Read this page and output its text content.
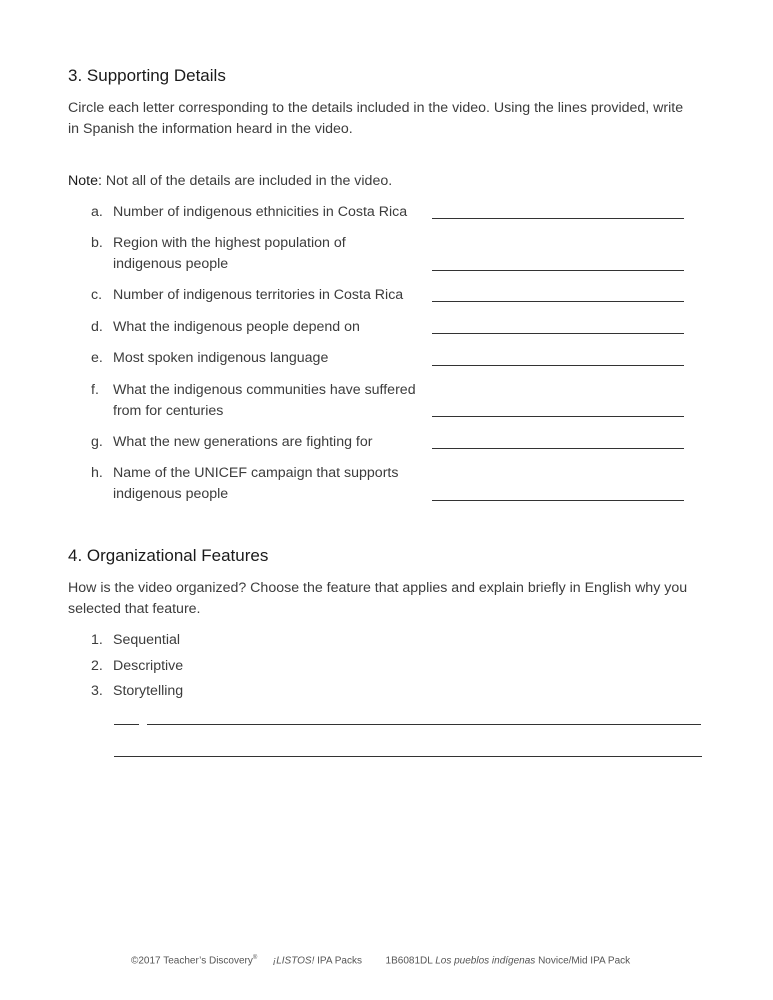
3. Supporting Details
Circle each letter corresponding to the details included in the video. Using the lines provided, write
in Spanish the information heard in the video.
Note: Not all of the details are included in the video.
a. Number of indigenous ethnicities in Costa Rica
b. Region with the highest population of
indigenous people
c. Number of indigenous territories in Costa Rica
d. What the indigenous people depend on
e. Most spoken indigenous language
f. What the indigenous communities have suffered
from for centuries
g. What the new generations are fighting for
h. Name of the UNICEF campaign that supports
indigenous people
4. Organizational Features
How is the video organized? Choose the feature that applies and explain briefly in English why you
selected that feature.
1. Sequential
2. Descriptive
3. Storytelling
©2017 Teacher’s Discovery® ¡LISTOS! IPA Packs 1B6081DL Los pueblos indígenas Novice/Mid IPA Pack
